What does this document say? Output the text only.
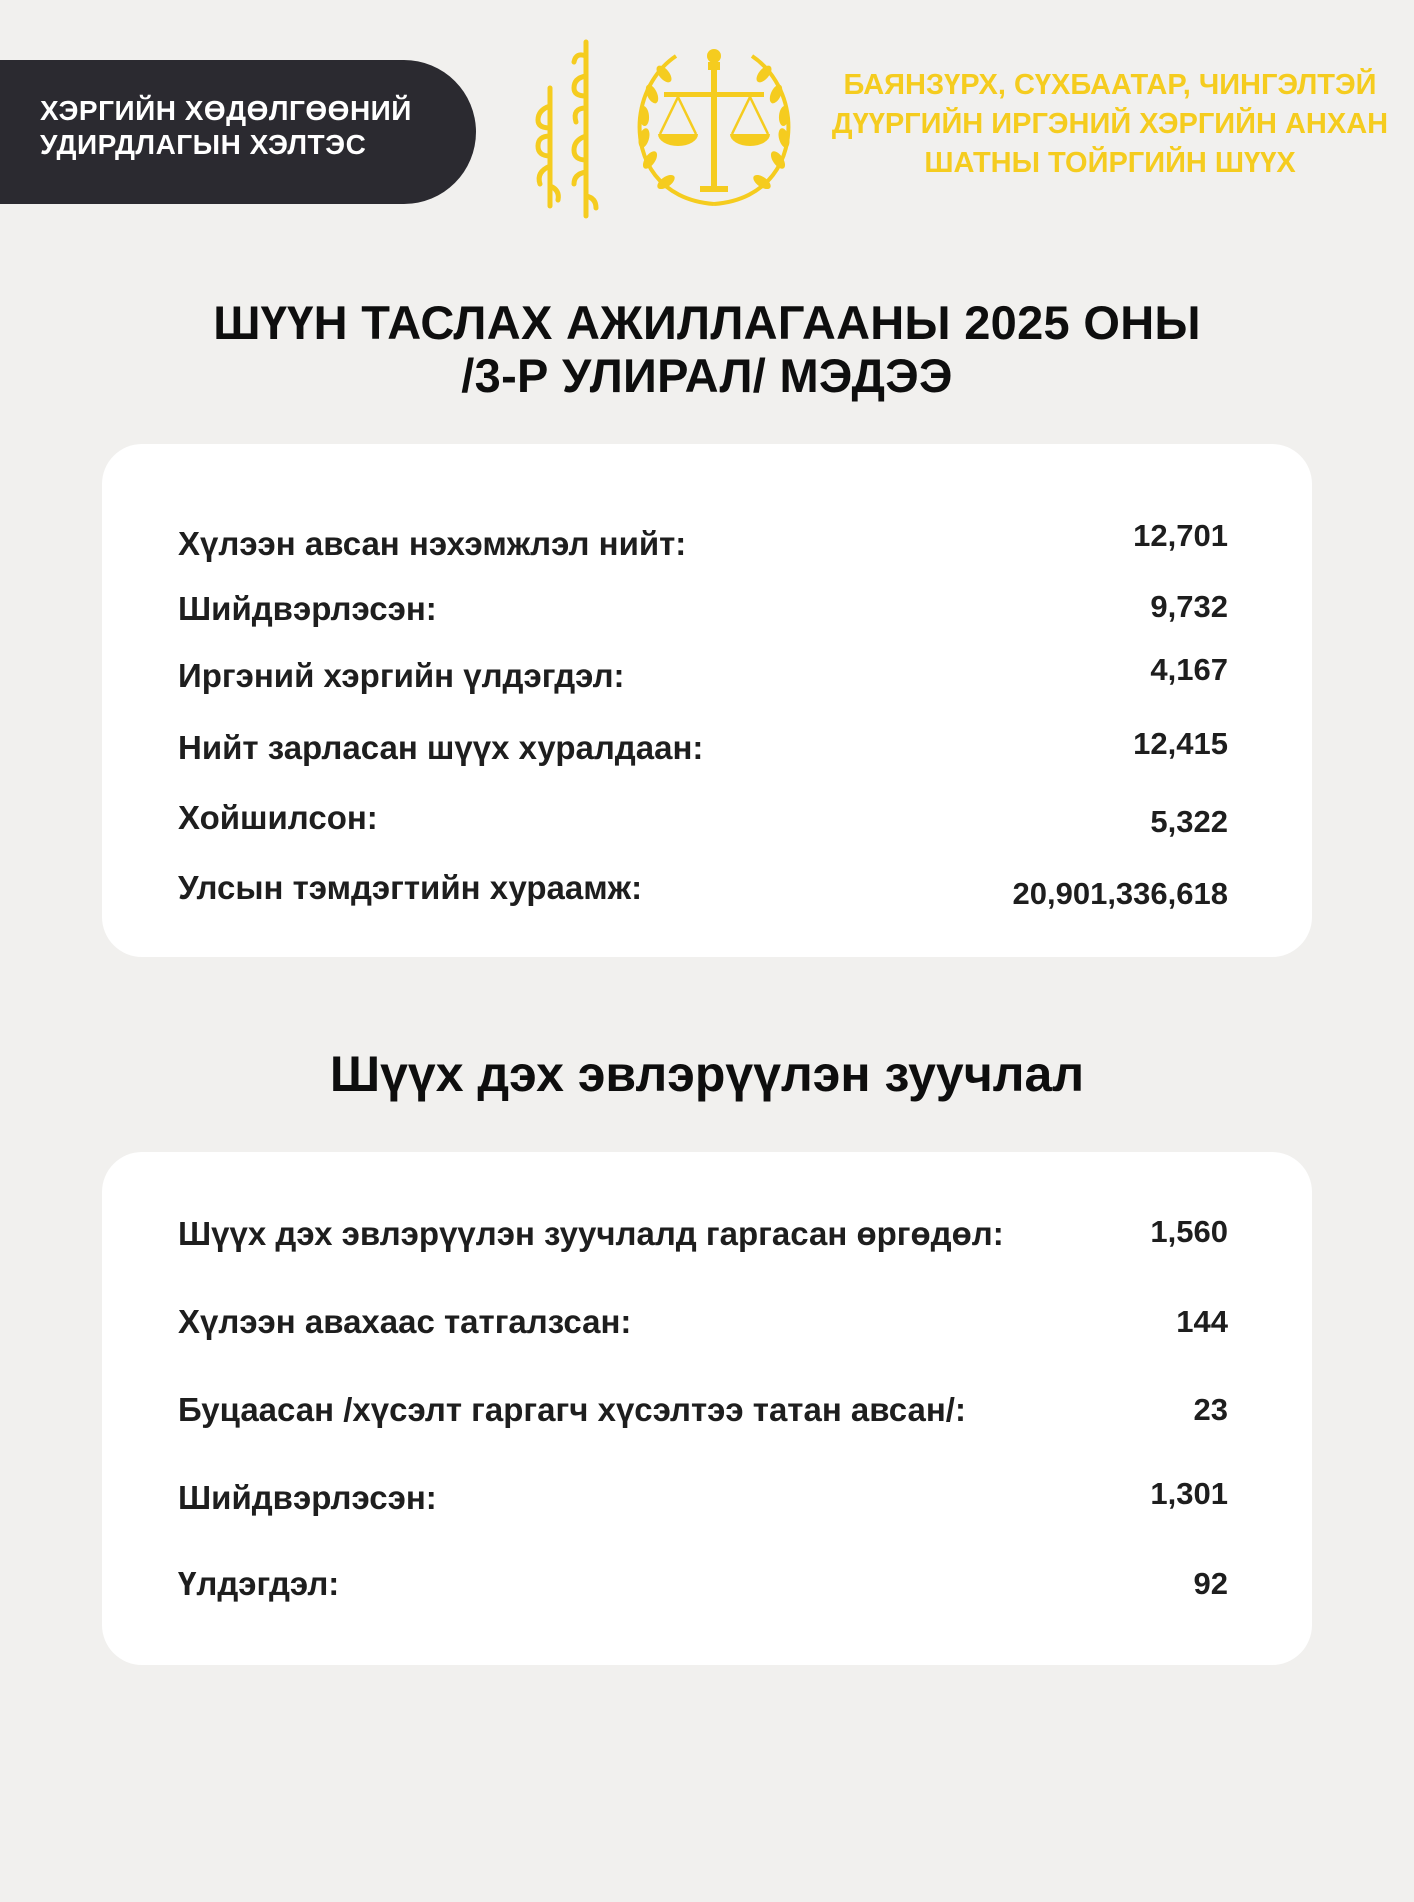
ХЭРГИЙН ХӨДӨЛГӨӨНИЙ
УДИРДЛАГЫН ХЭЛТЭС
БАЯНЗҮРХ, СҮХБААТАР, ЧИНГЭЛТЭЙ
ДҮҮРГИЙН ИРГЭНИЙ ХЭРГИЙН АНХАН
ШАТНЫ ТОЙРГИЙН ШҮҮХ
ШҮҮН ТАСЛАХ АЖИЛЛАГААНЫ 2025 ОНЫ
/3-Р УЛИРАЛ/ МЭДЭЭ
Хүлээн авсан нэхэмжлэл нийт:	12,701
Шийдвэрлэсэн:	9,732
Иргэний хэргийн үлдэгдэл:	4,167
Нийт зарласан шүүх хуралдаан:	12,415
Хойшилсон:	5,322
Улсын тэмдэгтийн хураамж:	20,901,336,618
Шүүх дэх эвлэрүүлэн зуучлал
Шүүх дэх эвлэрүүлэн зуучлалд гаргасан өргөдөл:	1,560
Хүлээн авахаас татгалзсан:	144
Буцаасан /хүсэлт гаргагч хүсэлтээ татан авсан/:	23
Шийдвэрлэсэн:	1,301
Үлдэгдэл:	92
